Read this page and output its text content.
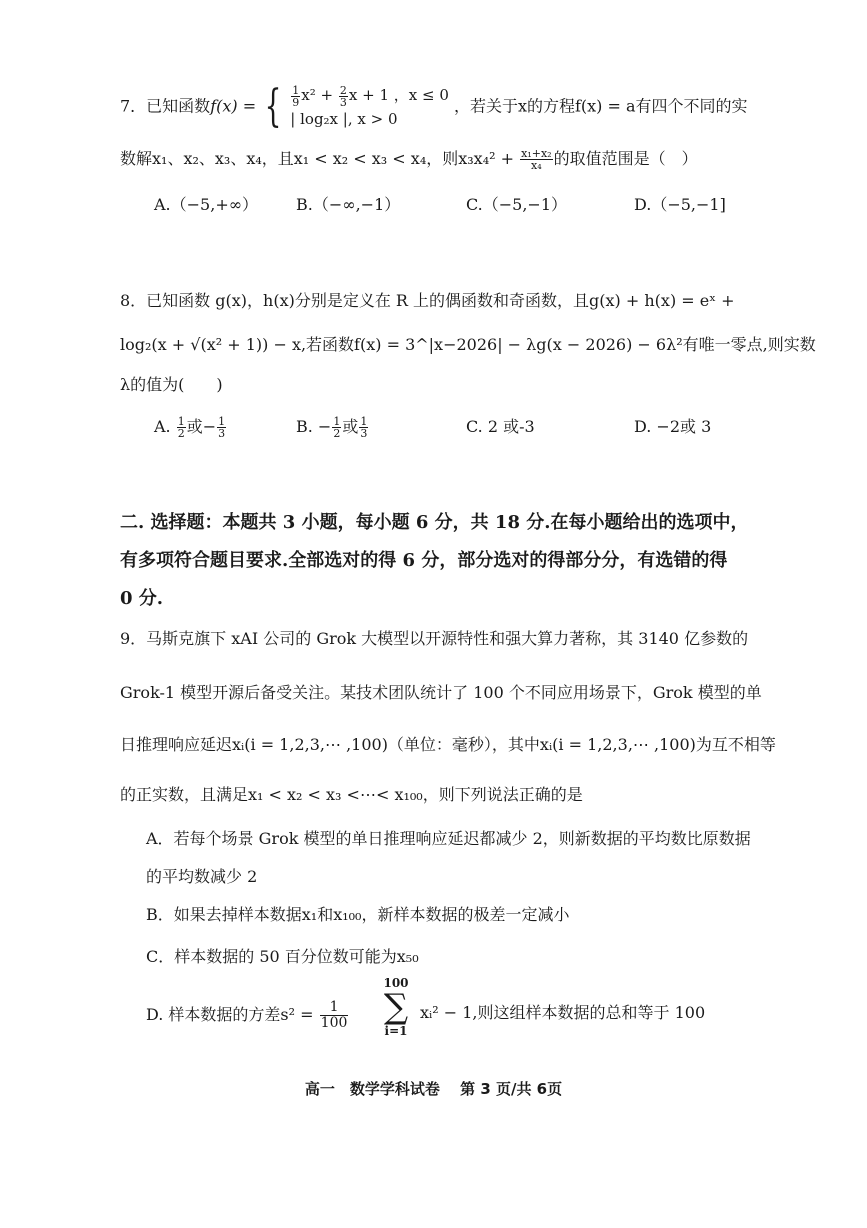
7．已知函数f(x) = { $\frac{1}{9} x^2 + \frac{2}{3}$ x + 1 ，x ≤ 0
| log₂x |, x > 0
，若关于x的方程f(x) = a有四个不同的实
数解x₁、x₂、x₃、x₄，且x₁ < x₂ < x₃ < x₄，则$x_3x_4^2 + \frac{\text{x₁+x₂}}{\text{x₄}}$ 的取值范围是（　）
A.（−5,+∞） B.（−∞,−1）	C.（−5,−1）	D.（−5,−1]
8．已知函数 g(x)，h(x)分别是定义在 R 上的偶函数和奇函数，且g(x) + h(x) = eˣ +
log₂(x + √(x² + 1)) − x,若函数f(x) = 3^|x−2026| − λg(x − 2026) − 6λ²有唯一零点,则实数
λ的值为(　　)
A. $\frac{1}{2}$ 或− $\frac{1}{3}$	B. − $\frac{1}{2}$ 或 $\frac{1}{3}$	C. 2 或-3	D. −2或 3
二. 选择题：本题共 3 小题，每小题 6 分，共 18 分.在每小题给出的选项中，
有多项符合题目要求.全部选对的得 6 分，部分选对的得部分分，有选错的得
0 分.
9．马斯克旗下 xAI 公司的 Grok 大模型以开源特性和强大算力著称，其 3140 亿参数的
Grok-1 模型开源后备受关注。某技术团队统计了 100 个不同应用场景下，Grok 模型的单
日推理响应延迟xᵢ(i = 1,2,3,⋯ ,100)（单位：毫秒），其中xᵢ(i = 1,2,3,⋯ ,100)为互不相等
的正实数，且满足x₁ < x₂ < x₃ <⋯< x₁₀₀，则下列说法正确的是
A．若每个场景 Grok 模型的单日推理响应延迟都减少 2，则新数据的平均数比原数据
的平均数减少 2
B．如果去掉样本数据x₁和x₁₀₀，新样本数据的极差一定减小
C．样本数据的 50 百分位数可能为x₅₀
D. 样本数据的方差$s^2 = \frac{1}{100}$
100
∑
i=1
xᵢ² − 1,则这组样本数据的总和等于 100
高一　数学学科试卷　 第 3 页/共 6页
